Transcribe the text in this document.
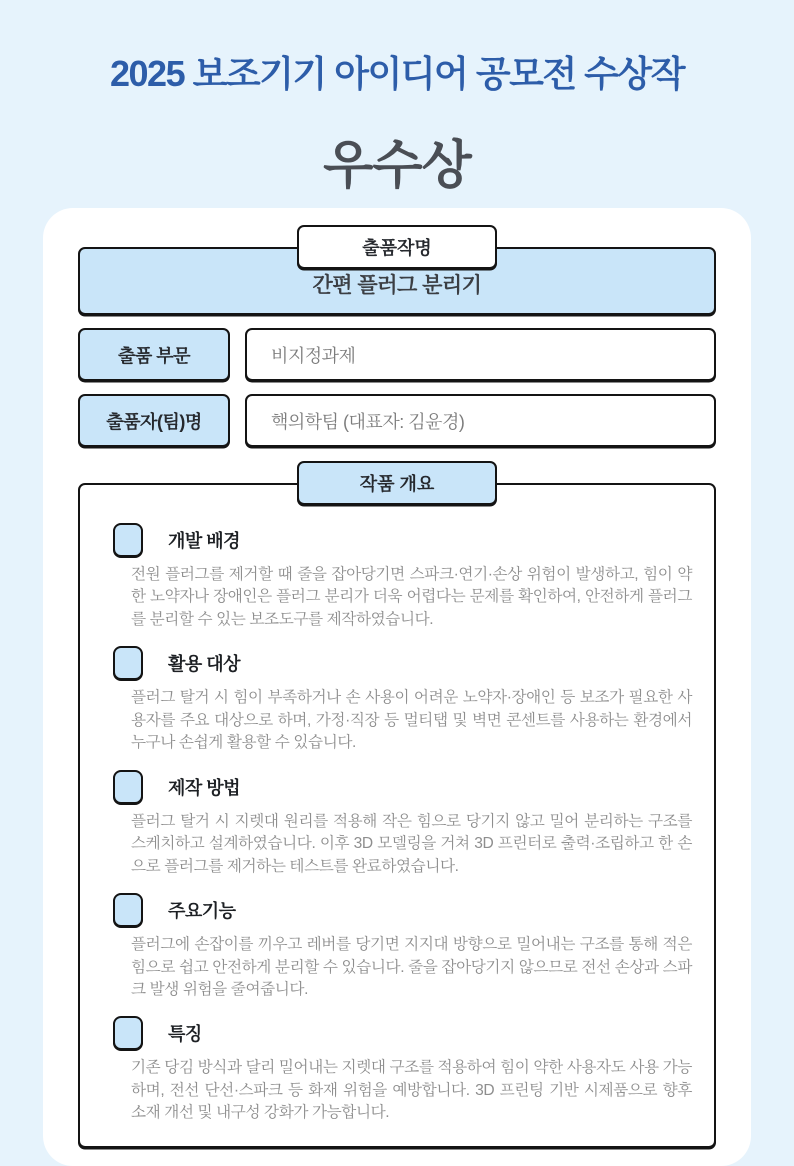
2025 보조기기 아이디어 공모전 수상작
우수상
출품작명
간편 플러그 분리기
출품 부문	비지정과제
출품자(팀)명	핵의학팀 (대표자: 김윤경)
작품 개요
개발 배경

전원 플러그를 제거할 때 줄을 잡아당기면 스파크·연기·손상 위험이 발생하고, 힘이 약한 노약자나 장애인은 플러그 분리가 더욱 어렵다는 문제를 확인하여, 안전하게 플러그를 분리할 수 있는 보조도구를 제작하였습니다.

활용 대상

플러그 탈거 시 힘이 부족하거나 손 사용이 어려운 노약자·장애인 등 보조가 필요한 사용자를 주요 대상으로 하며, 가정·직장 등 멀티탭 및 벽면 콘센트를 사용하는 환경에서 누구나 손쉽게 활용할 수 있습니다.

제작 방법

플러그 탈거 시 지렛대 원리를 적용해 작은 힘으로 당기지 않고 밀어 분리하는 구조를 스케치하고 설계하였습니다. 이후 3D 모델링을 거쳐 3D 프린터로 출력·조립하고 한 손으로 플러그를 제거하는 테스트를 완료하였습니다.

주요기능

플러그에 손잡이를 끼우고 레버를 당기면 지지대 방향으로 밀어내는 구조를 통해 적은 힘으로 쉽고 안전하게 분리할 수 있습니다. 줄을 잡아당기지 않으므로 전선 손상과 스파크 발생 위험을 줄여줍니다.

특징

기존 당김 방식과 달리 밀어내는 지렛대 구조를 적용하여 힘이 약한 사용자도 사용 가능하며, 전선 단선·스파크 등 화재 위험을 예방합니다. 3D 프린팅 기반 시제품으로 향후 소재 개선 및 내구성 강화가 가능합니다.
